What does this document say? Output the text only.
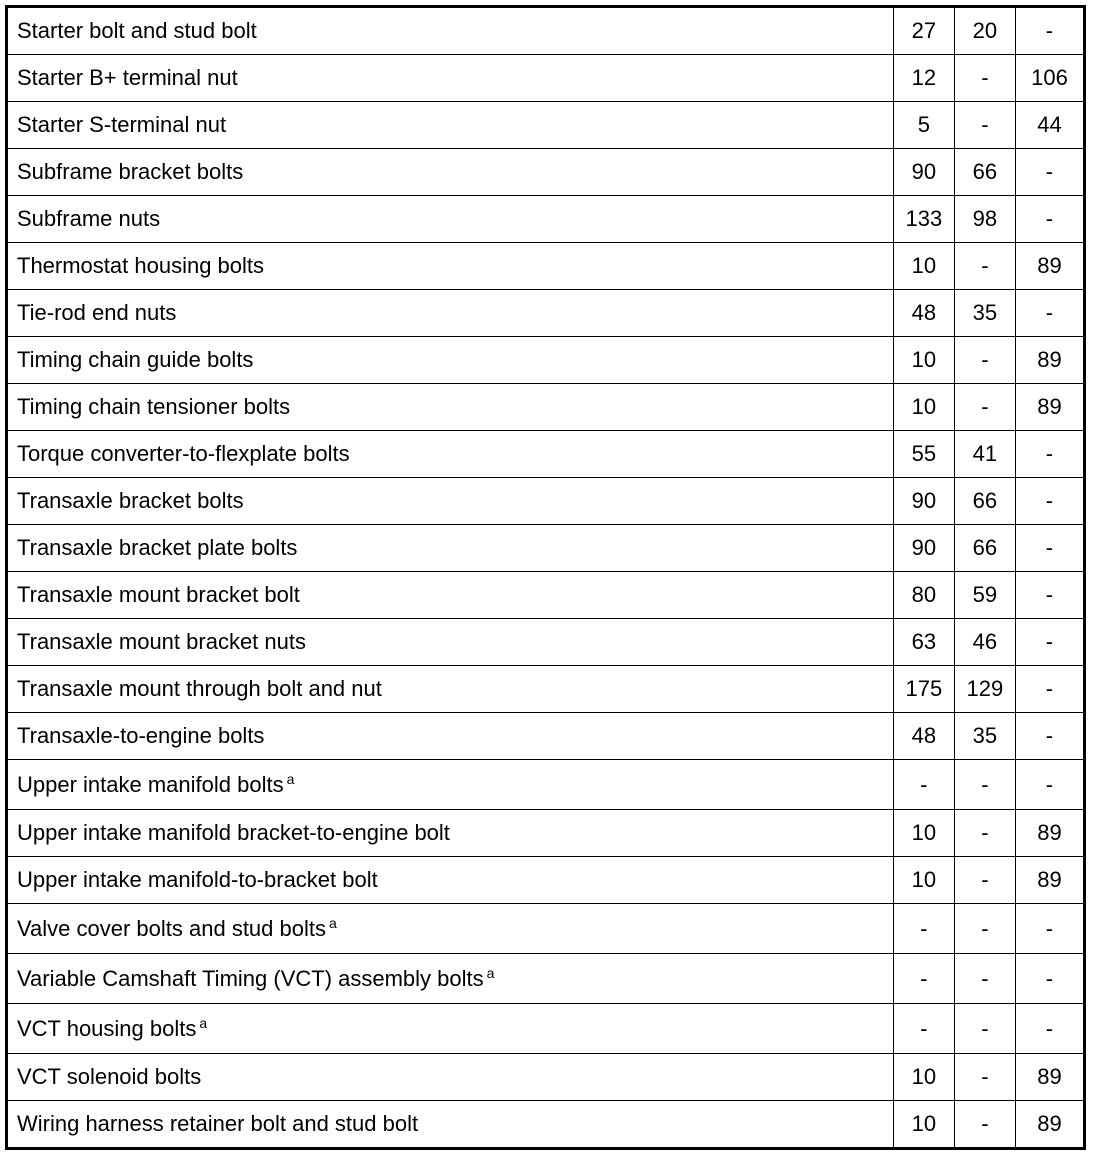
Starter bolt and stud bolt	27	20	-
Starter B+ terminal nut	12	-	106
Starter S-terminal nut	5	-	44
Subframe bracket bolts	90	66	-
Subframe nuts	133	98	-
Thermostat housing bolts	10	-	89
Tie-rod end nuts	48	35	-
Timing chain guide bolts	10	-	89
Timing chain tensioner bolts	10	-	89
Torque converter-to-flexplate bolts	55	41	-
Transaxle bracket bolts	90	66	-
Transaxle bracket plate bolts	90	66	-
Transaxle mount bracket bolt	80	59	-
Transaxle mount bracket nuts	63	46	-
Transaxle mount through bolt and nut	175	129	-
Transaxle-to-engine bolts	48	35	-
Upper intake manifold bolts $^a$	-	-	-
Upper intake manifold bracket-to-engine bolt	10	-	89
Upper intake manifold-to-bracket bolt	10	-	89
Valve cover bolts and stud bolts $^a$	-	-	-
Variable Camshaft Timing (VCT) assembly bolts $^a$	-	-	-
VCT housing bolts $^a$	-	-	-
VCT solenoid bolts	10	-	89
Wiring harness retainer bolt and stud bolt	10	-	89
